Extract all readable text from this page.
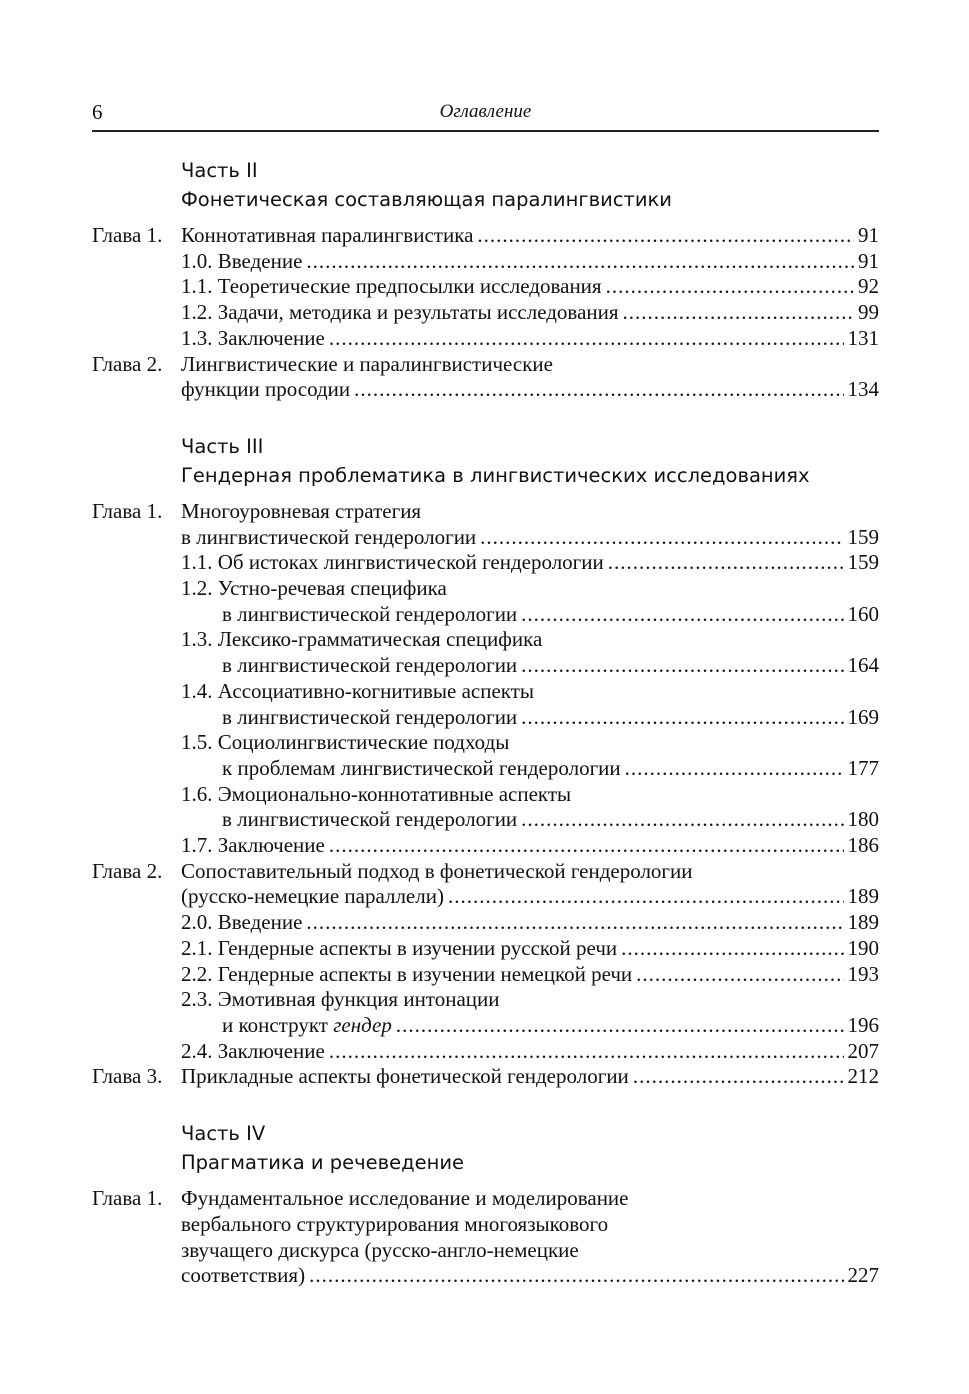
6	Оглавление
Часть II
Фонетическая составляющая паралингвистики
Глава 1. Коннотативная паралингвистика .....	91
1.0. Введение .....	91
1.1. Теоретические предпосылки исследования .....	92
1.2. Задачи, методика и результаты исследования .....	99
1.3. Заключение .....	131
Глава 2. Лингвистические и паралингвистические
функции просодии .....	134
Часть III
Гендерная проблематика в лингвистических исследованиях
Глава 1. Многоуровневая стратегия
в лингвистической гендерологии .....	159
1.1. Об истоках лингвистической гендерологии .....	159
1.2. Устно-речевая специфика
в лингвистической гендерологии .....	160
1.3. Лексико-грамматическая специфика
в лингвистической гендерологии .....	164
1.4. Ассоциативно-когнитивые аспекты
в лингвистической гендерологии .....	169
1.5. Социолингвистические подходы
к проблемам лингвистической гендерологии .....	177
1.6. Эмоционально-коннотативные аспекты
в лингвистической гендерологии .....	180
1.7. Заключение .....	186
Глава 2. Сопоставительный подход в фонетической гендерологии
(русско-немецкие параллели) .....	189
2.0. Введение .....	189
2.1. Гендерные аспекты в изучении русской речи .....	190
2.2. Гендерные аспекты в изучении немецкой речи .....	193
2.3. Эмотивная функция интонации
и конструкт гендер .....	196
2.4. Заключение .....	207
Глава 3. Прикладные аспекты фонетической гендерологии .....	212
Часть IV
Прагматика и речеведение
Глава 1. Фундаментальное исследование и моделирование
вербального структурирования многоязыкового
звучащего дискурса (русско-англо-немецкие
соответствия) .....	227
